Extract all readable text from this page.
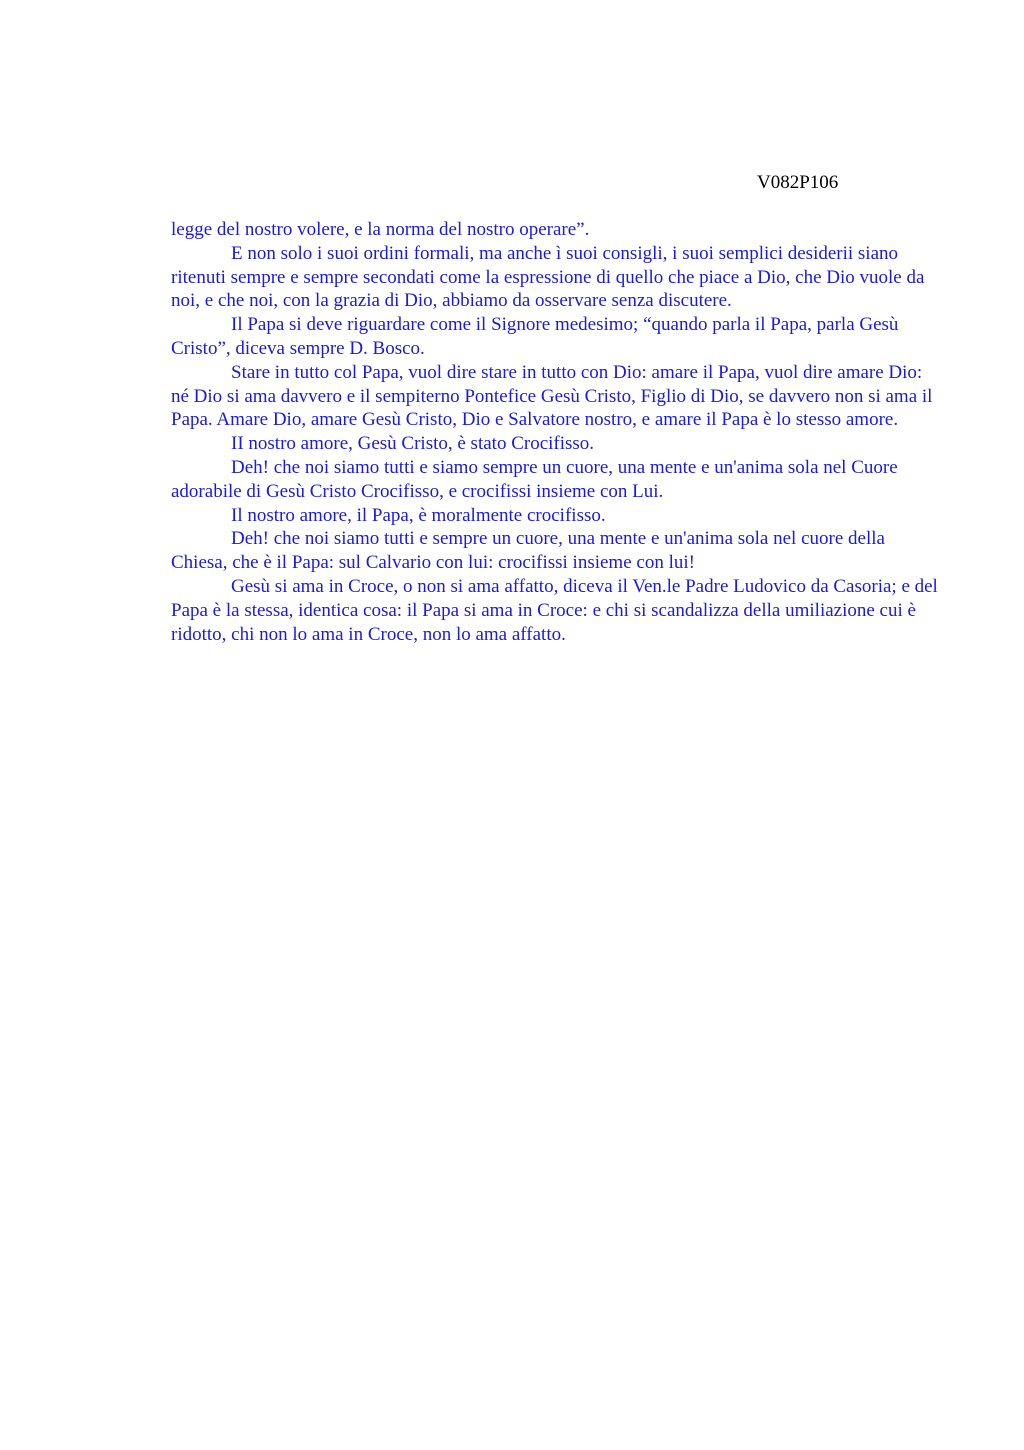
V082P106

legge del nostro volere, e la norma del nostro operare”.

E non solo i suoi ordini formali, ma anche ì suoi consigli, i suoi semplici desiderii siano ritenuti sempre e sempre secondati come la espressione di quello che piace a Dio, che Dio vuole da noi, e che noi, con la grazia di Dio, abbiamo da osservare senza discutere.

Il Papa si deve riguardare come il Signore medesimo; “quando parla il Papa, parla Gesù Cristo”, diceva sempre D. Bosco.

Stare in tutto col Papa, vuol dire stare in tutto con Dio: amare il Papa, vuol dire amare Dio: né Dio si ama davvero e il sempiterno Pontefice Gesù Cristo, Figlio di Dio, se davvero non si ama il Papa. Amare Dio, amare Gesù Cristo, Dio e Salvatore nostro, e amare il Papa è lo stesso amore.

II nostro amore, Gesù Cristo, è stato Crocifisso.

Deh! che noi siamo tutti e siamo sempre un cuore, una mente e un'anima sola nel Cuore adorabile di Gesù Cristo Crocifisso, e crocifissi insieme con Lui.

Il nostro amore, il Papa, è moralmente crocifisso.

Deh! che noi siamo tutti e sempre un cuore, una mente e un'anima sola nel cuore della Chiesa, che è il Papa: sul Calvario con lui: crocifissi insieme con lui!

Gesù si ama in Croce, o non si ama affatto, diceva il Ven.le Padre Ludovico da Casoria; e del Papa è la stessa, identica cosa: il Papa si ama in Croce: e chi si scandalizza della umiliazione cui è ridotto, chi non lo ama in Croce, non lo ama affatto.
